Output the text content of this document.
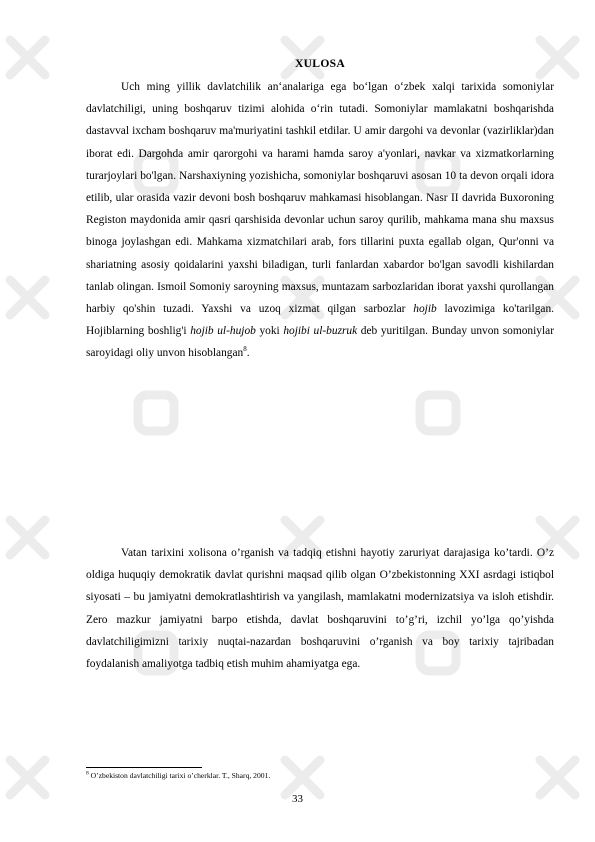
XULOSA

Uch ming yillik davlatchilik an‘analariga ega bo‘lgan o‘zbek xalqi tarixida somoniylar davlatchiligi, uning boshqaruv tizimi alohida o‘rin tutadi. Somoniylar mamlakatni boshqarishda dastavval ixcham boshqaruv ma'muriyatini tashkil etdilar. U amir dargohi va devonlar (vazirliklar)dan iborat edi. Dargohda amir qarorgohi va harami hamda saroy a'yonlari, navkar va xizmatkorlarning turarjoylari bo'lgan. Narshaxiyning yozishicha, somoniylar boshqaruvi asosan 10 ta devon orqali idora etilib, ular orasida vazir devoni bosh boshqaruv mahkamasi hisoblangan. Nasr II davrida Buxoroning Registon maydonida amir qasri qarshisida devonlar uchun saroy qurilib, mahkama mana shu maxsus binoga joylashgan edi. Mahkama xizmatchilari arab, fors tillarini puxta egallab olgan, Qur'onni va shariatning asosiy qoidalarini yaxshi biladigan, turli fanlardan xabardor bo'lgan savodli kishilardan tanlab olingan. Ismoil Somoniy saroyning maxsus, muntazam sarbozlaridan iborat yaxshi qurollangan harbiy qo'shin tuzadi. Yaxshi va uzoq xizmat qilgan sarbozlar hojib lavozimiga ko'tarilgan. Hojiblarning boshlig'i hojib ul-hujob yoki hojibi ul-buzruk deb yuritilgan. Bunday unvon somoniylar saroyidagi oliy unvon hisoblangan$^8$.

Vatan tarixini xolisona o’rganish va tadqiq etishni hayotiy zaruriyat darajasiga ko’tardi. O’z oldiga huquqiy demokratik davlat qurishni maqsad qilib olgan O’zbekistonning XXI asrdagi istiqbol siyosati – bu jamiyatni demokratlashtirish va yangilash, mamlakatni modernizatsiya va isloh etishdir. Zero mazkur jamiyatni barpo etishda, davlat boshqaruvini to’g’ri, izchil yo’lga qo’yishda davlatchiligimizni tarixiy nuqtai-nazardan boshqaruvini o’rganish va boy tarixiy tajribadan foydalanish amaliyotga tadbiq etish muhim ahamiyatga ega.

$^8$ O’zbekiston davlatchiligi tarixi o’cherklar. T., Sharq, 2001.
33
